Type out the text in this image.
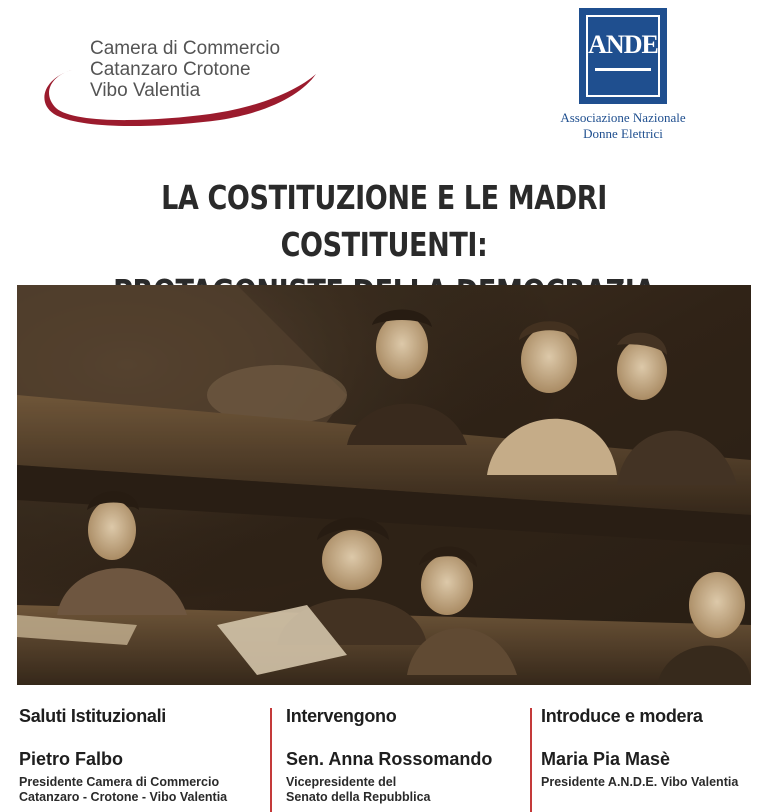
Camera di Commercio
Catanzaro Crotone
Vibo Valentia
ANDE
Associazione Nazionale
Donne Elettrici
LA COSTITUZIONE E LE MADRI COSTITUENTI:
Saluti Istituzionali
Pietro Falbo
Presidente Camera di Commercio
Catanzaro - Crotone - Vibo Valentia
Intervengono
Sen. Anna Rossomando
Vicepresidente del
Senato della Repubblica
Introduce e modera
Maria Pia Masè
Presidente A.N.D.E. Vibo Valentia
